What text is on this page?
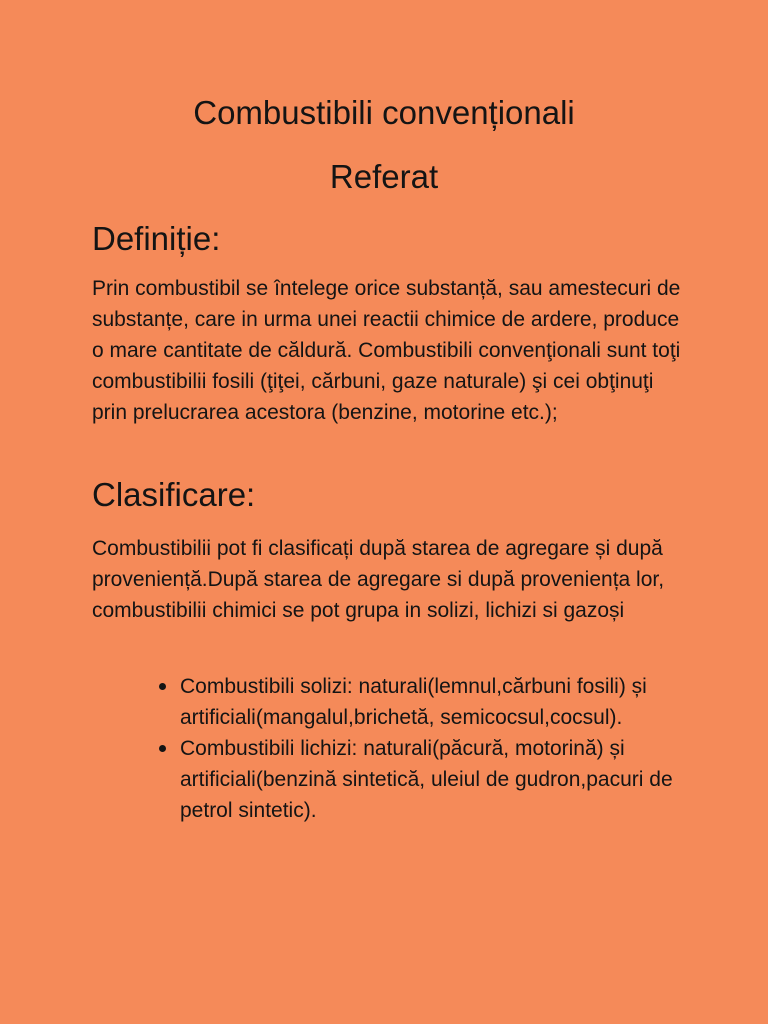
Combustibili convenționali
Referat
Definiție:

Prin combustibil se întelege orice substanță, sau amestecuri de substanțe, care in urma unei reactii chimice de ardere, produce o mare cantitate de căldură. Combustibili convenţionali sunt toţi combustibilii fosili (ţiţei, cărbuni, gaze naturale) şi cei obţinuţi prin prelucrarea acestora (benzine, motorine etc.);

Clasificare:

Combustibilii pot fi clasificați după starea de agregare și după proveniență.După starea de agregare si după proveniența lor, combustibilii chimici se pot grupa in solizi, lichizi si gazoși

Combustibili solizi: naturali(lemnul,cărbuni fosili) și artificiali(mangalul,brichetă, semicocsul,cocsul).
Combustibili lichizi: naturali(păcură, motorină) și artificiali(benzină sintetică, uleiul de gudron,pacuri de petrol sintetic).
